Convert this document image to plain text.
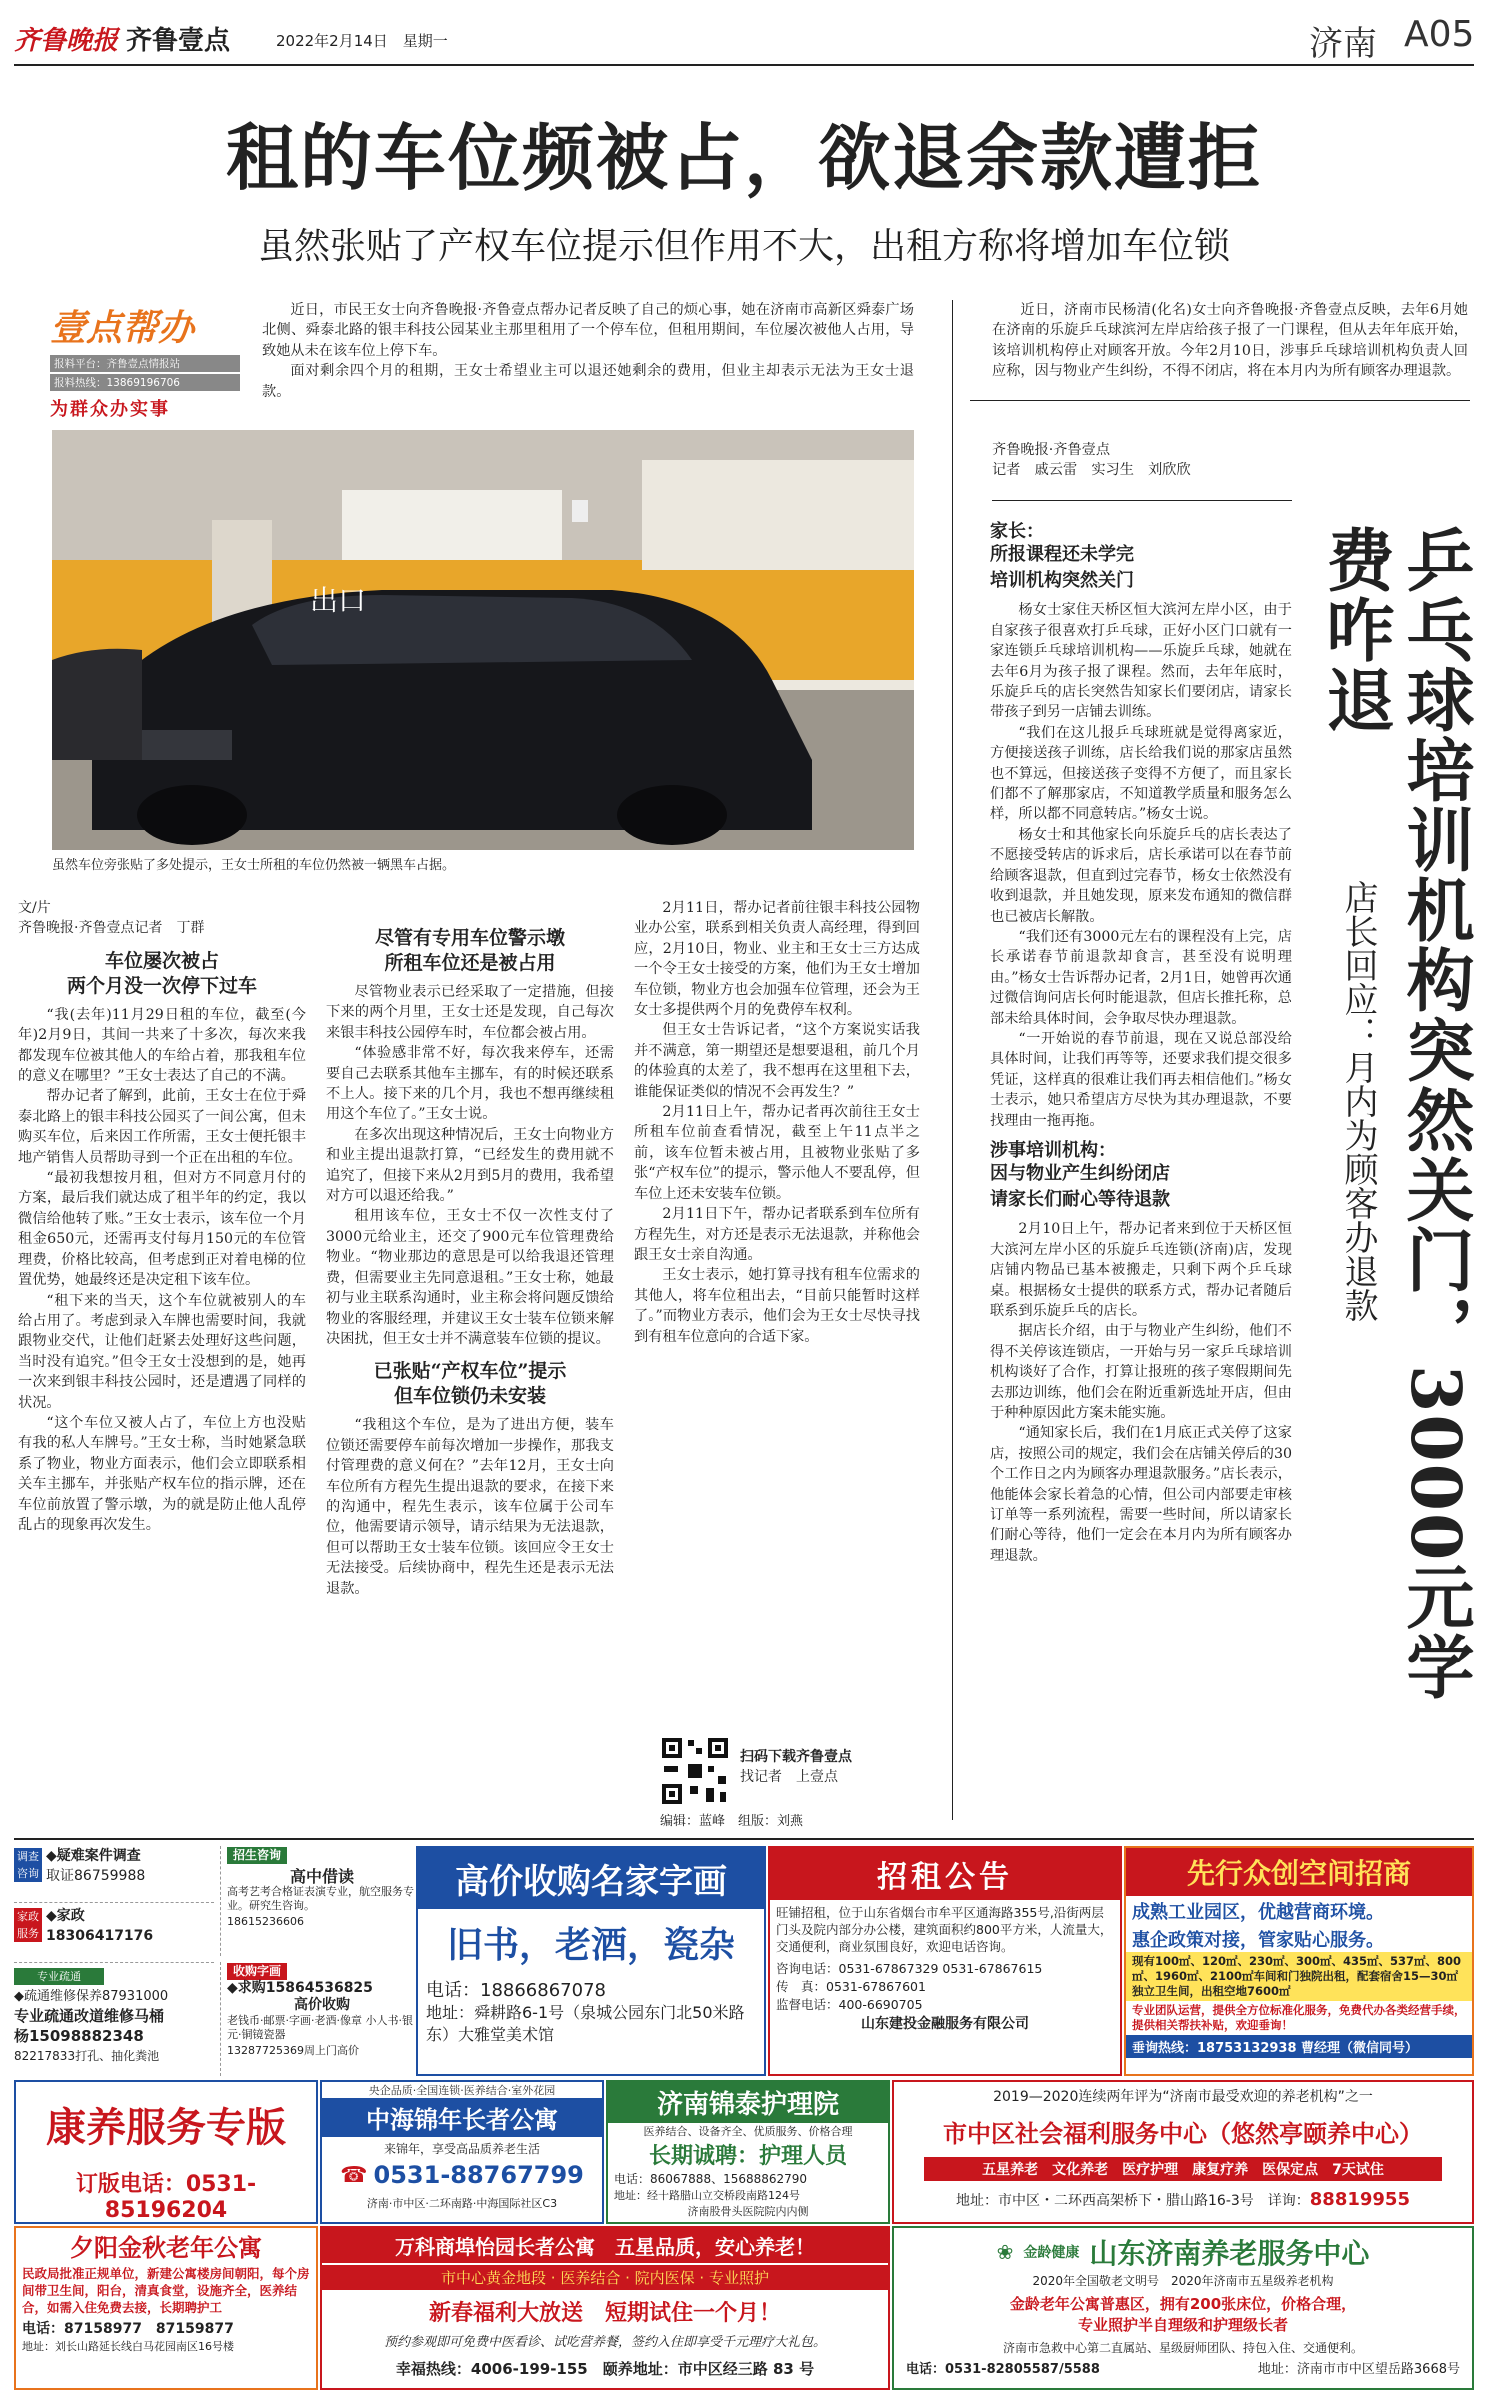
齐鲁晚报 齐鲁壹点	2022年2月14日　星期一	济南 A05
租的车位频被占，欲退余款遭拒
虽然张贴了产权车位提示但作用不大，出租方称将增加车位锁
壹点帮办
报料平台：齐鲁壹点情报站
报料热线：13869196706
为群众办实事

近日，市民王女士向齐鲁晚报·齐鲁壹点帮办记者反映了自己的烦心事，她在济南市高新区舜泰广场北侧、舜泰北路的银丰科技公园某业主那里租用了一个停车位，但租用期间，车位屡次被他人占用，导致她从未在该车位上停下车。

面对剩余四个月的租期，王女士希望业主可以退还她剩余的费用，但业主却表示无法为王女士退款。

出口
虽然车位旁张贴了多处提示，王女士所租的车位仍然被一辆黑车占据。
文/片
齐鲁晚报·齐鲁壹点记者　丁群
车位屡次被占
两个月没一次停下过车

“我(去年)11月29日租的车位，截至(今年)2月9日，其间一共来了十多次，每次来我都发现车位被其他人的车给占着，那我租车位的意义在哪里？”王女士表达了自己的不满。

帮办记者了解到，此前，王女士在位于舜泰北路上的银丰科技公园买了一间公寓，但未购买车位，后来因工作所需，王女士便托银丰地产销售人员帮助寻到一个正在出租的车位。

“最初我想按月租，但对方不同意月付的方案，最后我们就达成了租半年的约定，我以微信给他转了账。”王女士表示，该车位一个月租金650元，还需再支付每月150元的车位管理费，价格比较高，但考虑到正对着电梯的位置优势，她最终还是决定租下该车位。

“租下来的当天，这个车位就被别人的车给占用了。考虑到录入车牌也需要时间，我就跟物业交代，让他们赶紧去处理好这些问题，当时没有追究。”但令王女士没想到的是，她再一次来到银丰科技公园时，还是遭遇了同样的状况。

“这个车位又被人占了，车位上方也没贴有我的私人车牌号。”王女士称，当时她紧急联系了物业，物业方面表示，他们会立即联系相关车主挪车，并张贴产权车位的指示牌，还在车位前放置了警示墩，为的就是防止他人乱停乱占的现象再次发生。

尽管有专用车位警示墩
所租车位还是被占用

尽管物业表示已经采取了一定措施，但接下来的两个月里，王女士还是发现，自己每次来银丰科技公园停车时，车位都会被占用。

“体验感非常不好，每次我来停车，还需要自己去联系其他车主挪车，有的时候还联系不上人。接下来的几个月，我也不想再继续租用这个车位了。”王女士说。

在多次出现这种情况后，王女士向物业方和业主提出退款打算，“已经发生的费用就不追究了，但接下来从2月到5月的费用，我希望对方可以退还给我。”

租用该车位，王女士不仅一次性支付了3000元给业主，还交了900元车位管理费给物业。“物业那边的意思是可以给我退还管理费，但需要业主先同意退租。”王女士称，她最初与业主联系沟通时，业主称会将问题反馈给物业的客服经理，并建议王女士装车位锁来解决困扰，但王女士并不满意装车位锁的提议。

已张贴“产权车位”提示
但车位锁仍未安装

“我租这个车位，是为了进出方便，装车位锁还需要停车前每次增加一步操作，那我支付管理费的意义何在？”去年12月，王女士向车位所有方程先生提出退款的要求，在接下来的沟通中，程先生表示，该车位属于公司车位，他需要请示领导，请示结果为无法退款，但可以帮助王女士装车位锁。该回应令王女士无法接受。后续协商中，程先生还是表示无法退款。

2月11日，帮办记者前往银丰科技公园物业办公室，联系到相关负责人高经理，得到回应，2月10日，物业、业主和王女士三方达成一个令王女士接受的方案，他们为王女士增加车位锁，物业方也会加强车位管理，还会为王女士多提供两个月的免费停车权利。

但王女士告诉记者，“这个方案说实话我并不满意，第一期望还是想要退租，前几个月的体验真的太差了，我不想再在这里租下去，谁能保证类似的情况不会再发生？”

2月11日上午，帮办记者再次前往王女士所租车位前查看情况，截至上午11点半之前，该车位暂未被占用，且被物业张贴了多张“产权车位”的提示，警示他人不要乱停，但车位上还未安装车位锁。

2月11日下午，帮办记者联系到车位所有方程先生，对方还是表示无法退款，并称他会跟王女士亲自沟通。

王女士表示，她打算寻找有租车位需求的其他人，将车位租出去，“目前只能暂时这样了。”而物业方表示，他们会为王女士尽快寻找到有租车位意向的合适下家。

扫码下载齐鲁壹点
找记者　上壹点
编辑：蓝峰　组版：刘燕

近日，济南市民杨清(化名)女士向齐鲁晚报·齐鲁壹点反映，去年6月她在济南的乐旋乒乓球滨河左岸店给孩子报了一门课程，但从去年年底开始，该培训机构停止对顾客开放。今年2月10日，涉事乒乓球培训机构负责人回应称，因与物业产生纠纷，不得不闭店，将在本月内为所有顾客办理退款。

齐鲁晚报·齐鲁壹点
记者　戚云雷　实习生　刘欣欣
乒乓球培训机构突然关门，3000元学费咋退
店长回应：月内为顾客办退款
家长：
所报课程还未学完
培训机构突然关门

杨女士家住天桥区恒大滨河左岸小区，由于自家孩子很喜欢打乒乓球，正好小区门口就有一家连锁乒乓球培训机构——乐旋乒乓球，她就在去年6月为孩子报了课程。然而，去年年底时，乐旋乒乓的店长突然告知家长们要闭店，请家长带孩子到另一店铺去训练。

“我们在这儿报乒乓球班就是觉得离家近，方便接送孩子训练，店长给我们说的那家店虽然也不算远，但接送孩子变得不方便了，而且家长们都不了解那家店，不知道教学质量和服务怎么样，所以都不同意转店。”杨女士说。

杨女士和其他家长向乐旋乒乓的店长表达了不愿接受转店的诉求后，店长承诺可以在春节前给顾客退款，但直到过完春节，杨女士依然没有收到退款，并且她发现，原来发布通知的微信群也已被店长解散。

“我们还有3000元左右的课程没有上完，店长承诺春节前退款却食言，甚至没有说明理由。”杨女士告诉帮办记者，2月1日，她曾再次通过微信询问店长何时能退款，但店长推托称，总部未给具体时间，会争取尽快办理退款。

“一开始说的春节前退，现在又说总部没给具体时间，让我们再等等，还要求我们提交很多凭证，这样真的很难让我们再去相信他们。”杨女士表示，她只希望店方尽快为其办理退款，不要找理由一拖再拖。

涉事培训机构：
因与物业产生纠纷闭店
请家长们耐心等待退款

2月10日上午，帮办记者来到位于天桥区恒大滨河左岸小区的乐旋乒乓连锁(济南)店，发现店铺内物品已基本被搬走，只剩下两个乒乓球桌。根据杨女士提供的联系方式，帮办记者随后联系到乐旋乒乓的店长。

据店长介绍，由于与物业产生纠纷，他们不得不关停该连锁店，一开始与另一家乒乓球培训机构谈好了合作，打算让报班的孩子寒假期间先去那边训练，他们会在附近重新选址开店，但由于种种原因此方案未能实施。

“通知家长后，我们在1月底正式关停了这家店，按照公司的规定，我们会在店铺关停后的30个工作日之内为顾客办理退款服务。”店长表示，他能体会家长着急的心情，但公司内部要走审核订单等一系列流程，需要一些时间，所以请家长们耐心等待，他们一定会在本月内为所有顾客办理退款。

调查咨询
◆疑难案件调查
取证86759988
家政服务
◆家政
18306417176
专业疏通
◆疏通维修保养87931000
专业疏通改道维修马桶
杨15098882348
82217833打孔、抽化粪池
招生咨询
高中借读
高考艺考合格证表演专业，航空服务专业。研究生咨询。
18615236606
收购字画
◆求购15864536825
高价收购
老钱币·邮票·字画·老酒·像章 小人书·银元·铜镜瓷器
13287725369周上门高价
高价收购名家字画
旧书，老酒，瓷杂
电话：18866867078
地址：舜耕路6-1号（泉城公园东门北50米路东）大雅堂美术馆
招租公告
旺铺招租，位于山东省烟台市牟平区通海路355号,沿街两层门头及院内部分办公楼，建筑面积约800平方米，人流量大，交通便利，商业氛围良好，欢迎电话咨询。
咨询电话：0531-67867329 0531-67867615
传　真：0531-67867601
监督电话：400-6690705
山东建投金融服务有限公司
先行众创空间招商
成熟工业园区，优越营商环境。
惠企政策对接，管家贴心服务。
现有100㎡、120㎡、230㎡、300㎡、435㎡、537㎡、800㎡、1960㎡、2100㎡车间和门独院出租，配套宿舍15—30㎡独立卫生间，出租空地7600㎡
专业团队运营，提供全方位标准化服务，免费代办各类经营手续，提供相关帮扶补贴，欢迎垂询！
垂询热线：18753132938 曹经理（微信同号）
康养服务专版
订版电话：0531-85196204
央企品质·全国连锁·医养结合·室外花园
中海锦年长者公寓
来锦年，享受高品质养老生活
☎ 0531-88767799
济南·市中区·二环南路·中海国际社区C3
济南锦泰护理院
医养结合、设备齐全、优质服务、价格合理
长期诚聘：护理人员
电话：86067888、15688862790
地址：经十路腊山立交桥段南路124号
济南股骨头医院院内内侧
2019—2020连续两年评为“济南市最受欢迎的养老机构”之一
市中区社会福利服务中心（悠然亭颐养中心）
五星养老　文化养老　医疗护理　康复疗养　医保定点　7天试住
地址：市中区・二环西高架桥下・腊山路16-3号　详询：88819955
夕阳金秋老年公寓
民政局批准正规单位，新建公寓楼房间朝阳，每个房间带卫生间，阳台，清真食堂，设施齐全，医养结合，如需入住免费去接，长期聘护工
电话：87158977　87159877
地址：刘长山路延长线白马花园南区16号楼
万科商埠怡园长者公寓　五星品质，安心养老！
市中心黄金地段 · 医养结合 · 院内医保 · 专业照护
新春福利大放送　短期试住一个月！
预约参观即可免费中医看诊、试吃营养餐，签约入住即享受千元理疗大礼包。
幸福热线：4006-199-155　颐养地址：市中区经三路 83 号
❀ 金龄健康 山东济南养老服务中心
2020年全国敬老文明号　2020年济南市五星级养老机构
金龄老年公寓普惠区，拥有200张床位，价格合理，
专业照护半自理级和护理级长者
济南市急救中心第二直属站、星级厨师团队、持包入住、交通便利。
电话：0531-82805587/5588	地址：济南市市中区望岳路3668号
